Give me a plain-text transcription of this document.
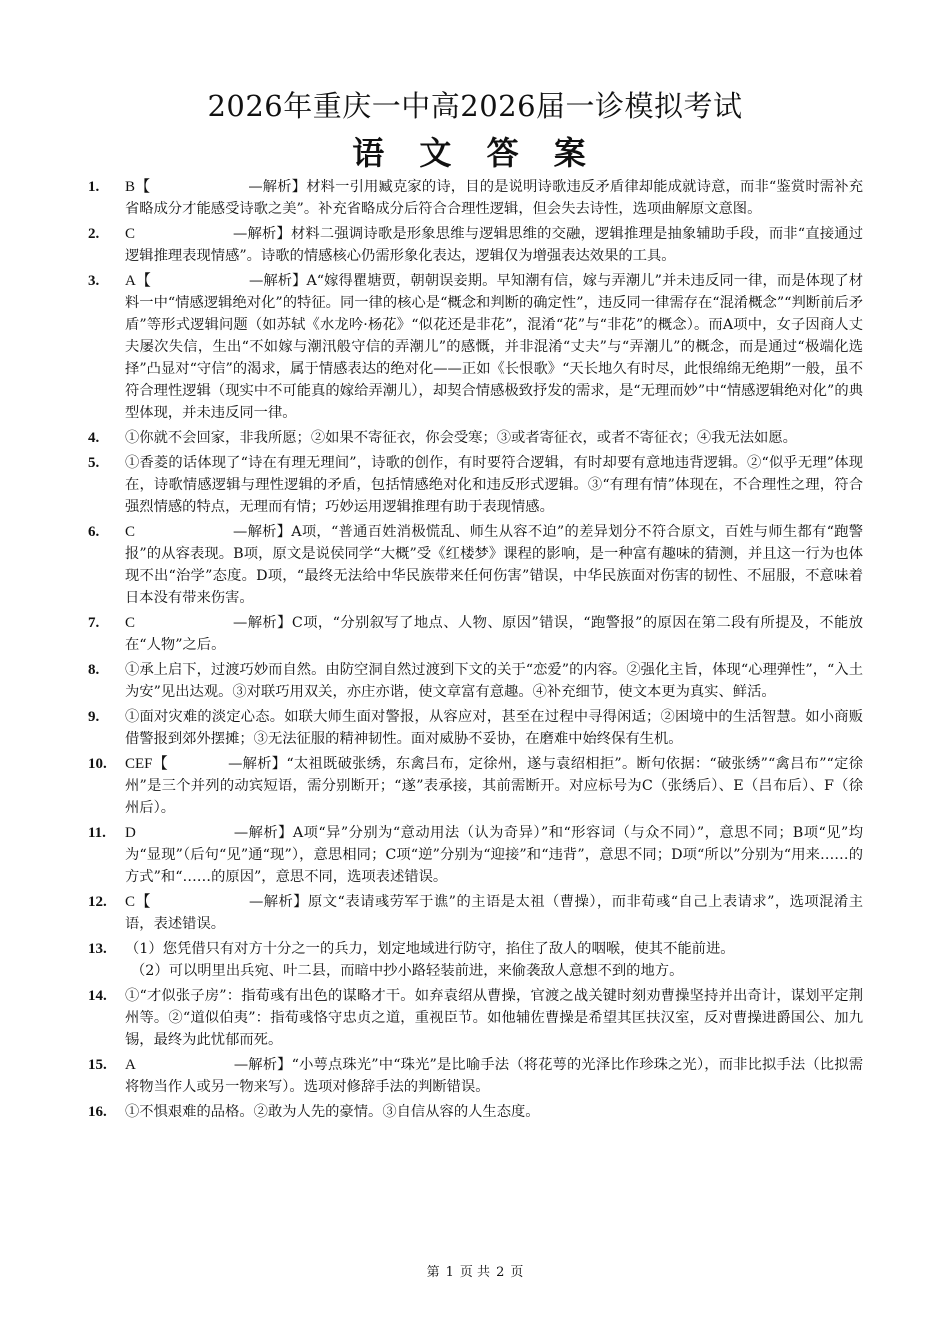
2026年重庆一中高2026届一诊模拟考试
语 文 答 案
1.	B【	—解析】材料一引用臧克家的诗，目的是说明诗歌违反矛盾律却能成就诗意，而非“鉴赏时需补充省略成分才能感受诗歌之美”。补充省略成分后符合合理性逻辑，但会失去诗性，选项曲解原文意图。
2.	C	—解析】材料二强调诗歌是形象思维与逻辑思维的交融，逻辑推理是抽象辅助手段，而非“直接通过逻辑推理表现情感”。诗歌的情感核心仍需形象化表达，逻辑仅为增强表达效果的工具。
3.	A【	—解析】A“嫁得瞿塘贾，朝朝误妾期。早知潮有信，嫁与弄潮儿”并未违反同一律，而是体现了材料一中“情感逻辑绝对化”的特征。同一律的核心是“概念和判断的确定性”，违反同一律需存在“混淆概念”“判断前后矛盾”等形式逻辑问题（如苏轼《水龙吟·杨花》“似花还是非花”，混淆“花”与“非花”的概念）。而A项中，女子因商人丈夫屡次失信，生出“不如嫁与潮汛般守信的弄潮儿”的感慨，并非混淆“丈夫”与“弄潮儿”的概念，而是通过“极端化选择”凸显对“守信”的渴求，属于情感表达的绝对化——正如《长恨歌》“天长地久有时尽，此恨绵绵无绝期”一般，虽不符合理性逻辑（现实中不可能真的嫁给弄潮儿），却契合情感极致抒发的需求，是“无理而妙”中“情感逻辑绝对化”的典型体现，并未违反同一律。
4.	①你就不会回家，非我所愿；②如果不寄征衣，你会受寒；③或者寄征衣，或者不寄征衣；④我无法如愿。
5.	①香菱的话体现了“诗在有理无理间”，诗歌的创作，有时要符合逻辑，有时却要有意地违背逻辑。②“似乎无理”体现在，诗歌情感逻辑与理性逻辑的矛盾，包括情感绝对化和违反形式逻辑。③“有理有情”体现在，不合理性之理，符合强烈情感的特点，无理而有情；巧妙运用逻辑推理有助于表现情感。
6.	C	—解析】A项，“普通百姓消极慌乱、师生从容不迫”的差异划分不符合原文，百姓与师生都有“跑警报”的从容表现。B项，原文是说侯同学“大概”受《红楼梦》课程的影响，是一种富有趣味的猜测，并且这一行为也体现不出“治学”态度。D项，“最终无法给中华民族带来任何伤害”错误，中华民族面对伤害的韧性、不屈服，不意味着日本没有带来伤害。
7.	C	—解析】C项，“分别叙写了地点、人物、原因”错误，“跑警报”的原因在第二段有所提及，不能放在“人物”之后。
8.	①承上启下，过渡巧妙而自然。由防空洞自然过渡到下文的关于“恋爱”的内容。②强化主旨，体现“心理弹性”，“入土为安”见出达观。③对联巧用双关，亦庄亦谐，使文章富有意趣。④补充细节，使文本更为真实、鲜活。
9.	①面对灾难的淡定心态。如联大师生面对警报，从容应对，甚至在过程中寻得闲适；②困境中的生活智慧。如小商贩借警报到郊外摆摊；③无法征服的精神韧性。面对威胁不妥协，在磨难中始终保有生机。
10.	CEF【	—解析】“太祖既破张绣，东禽吕布，定徐州，遂与袁绍相拒”。断句依据：“破张绣”“禽吕布”“定徐州”是三个并列的动宾短语，需分别断开；“遂”表承接，其前需断开。对应标号为C（张绣后）、E（吕布后）、F（徐州后）。
11.	D	—解析】A项“异”分别为“意动用法（认为奇异）”和“形容词（与众不同）”，意思不同；B项“见”均为“显现”（后句“见”通“现”），意思相同；C项“逆”分别为“迎接”和“违背”，意思不同；D项“所以”分别为“用来……的方式”和“……的原因”，意思不同，选项表述错误。
12.	C【	—解析】原文“表请彧劳军于谯”的主语是太祖（曹操），而非荀彧“自己上表请求”，选项混淆主语，表述错误。
13.	（1）您凭借只有对方十分之一的兵力，划定地域进行防守，掐住了敌人的咽喉，使其不能前进。
（2）可以明里出兵宛、叶二县，而暗中抄小路轻装前进，来偷袭敌人意想不到的地方。
14.	①“才似张子房”：指荀彧有出色的谋略才干。如弃袁绍从曹操，官渡之战关键时刻劝曹操坚持并出奇计，谋划平定荆州等。②“道似伯夷”：指荀彧恪守忠贞之道，重视臣节。如他辅佐曹操是希望其匡扶汉室，反对曹操进爵国公、加九锡，最终为此忧郁而死。
15.	A	—解析】“小萼点珠光”中“珠光”是比喻手法（将花萼的光泽比作珍珠之光），而非比拟手法（比拟需将物当作人或另一物来写）。选项对修辞手法的判断错误。
16.	①不惧艰难的品格。②敢为人先的豪情。③自信从容的人生态度。
第 1 页 共 2 页
